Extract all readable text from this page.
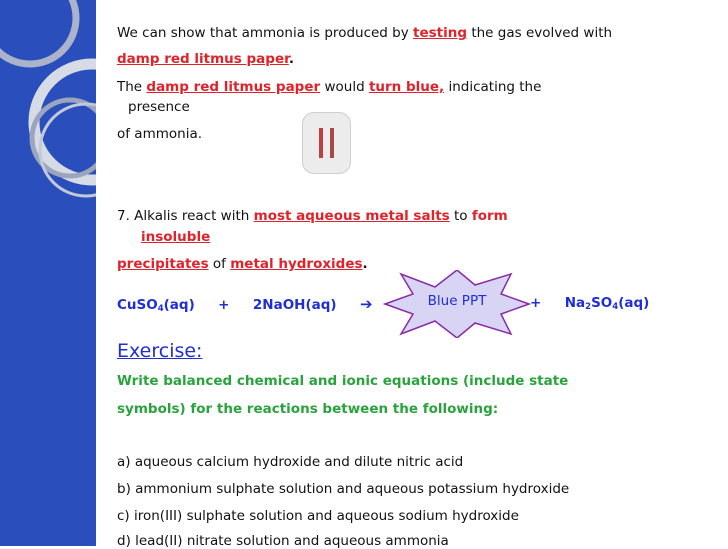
We can show that ammonia is produced by testing the gas evolved with
damp red litmus paper.
The damp red litmus paper would turn blue, indicating the
presence
of ammonia.
7. Alkalis react with most aqueous metal salts to form
insoluble
precipitates of metal hydroxides.
CuSO$_4$(aq) + 2NaOH(aq) ➔	+ $Na_2SO_4(aq)$
Exercise:
Write balanced chemical and ionic equations (include state
symbols) for the reactions between the following:
a) aqueous calcium hydroxide and dilute nitric acid
b) ammonium sulphate solution and aqueous potassium hydroxide
c) iron(III) sulphate solution and aqueous sodium hydroxide
d) lead(II) nitrate solution and aqueous ammonia
Blue PPT
